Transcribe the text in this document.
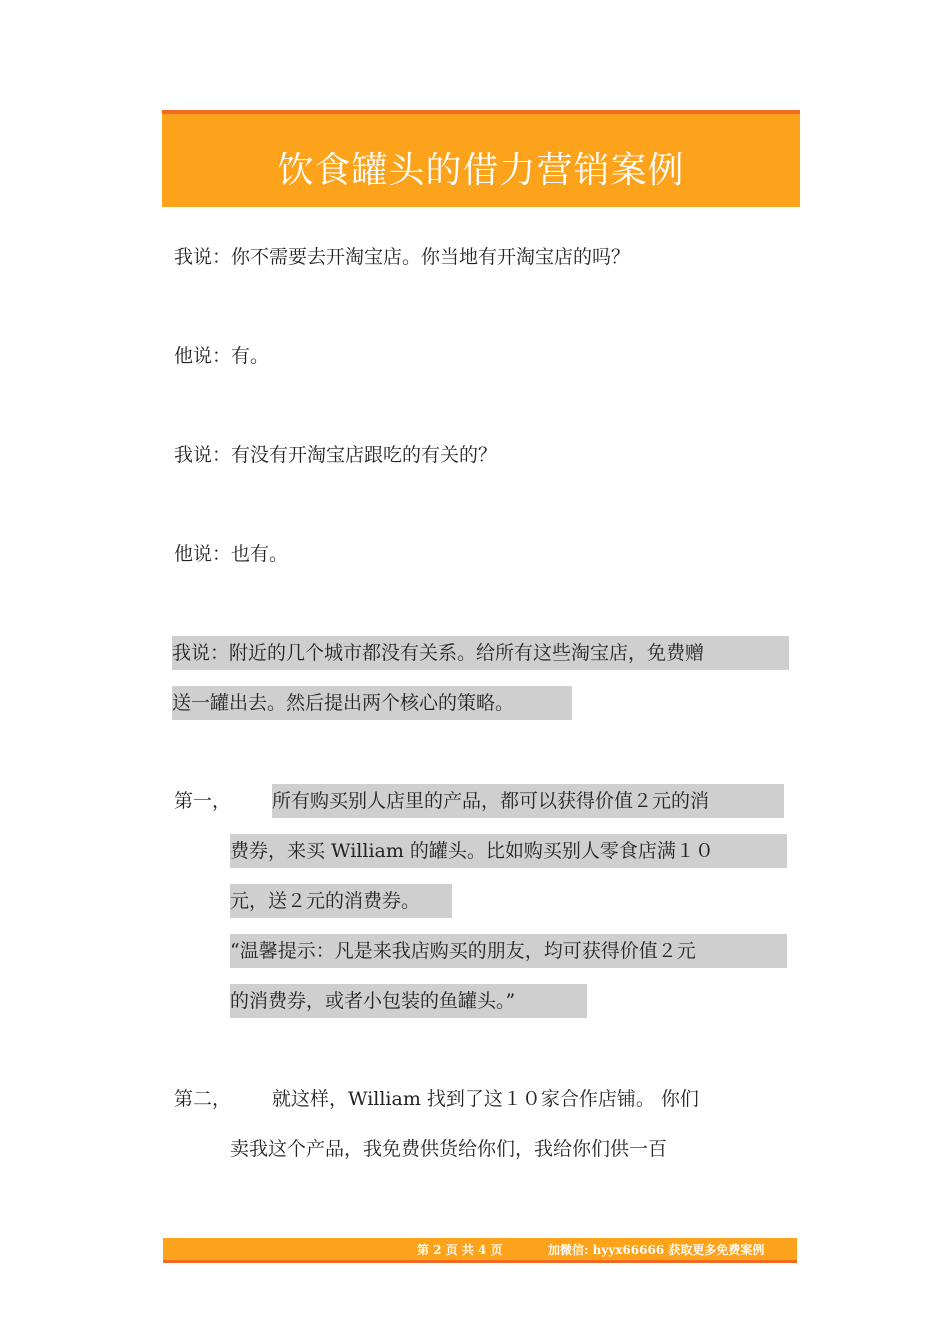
饮食罐头的借力营销案例
我说：你不需要去开淘宝店。你当地有开淘宝店的吗？
他说：有。
我说：有没有开淘宝店跟吃的有关的？
他说：也有。
我说：附近的几个城市都没有关系。给所有这些淘宝店，免费赠
送一罐出去。然后提出两个核心的策略。
第一， 所有购买别人店里的产品，都可以获得价值２元的消
费券，来买 William 的罐头。比如购买别人零食店满１０
元，送２元的消费券。
“温馨提示：凡是来我店购买的朋友，均可获得价值２元
的消费券，或者小包装的鱼罐头。”
第二， 就这样，William 找到了这１０家合作店铺。 你们
卖我这个产品，我免费供货给你们，我给你们供一百
第 2 页 共 4 页	加微信: hyyx66666 获取更多免费案例
